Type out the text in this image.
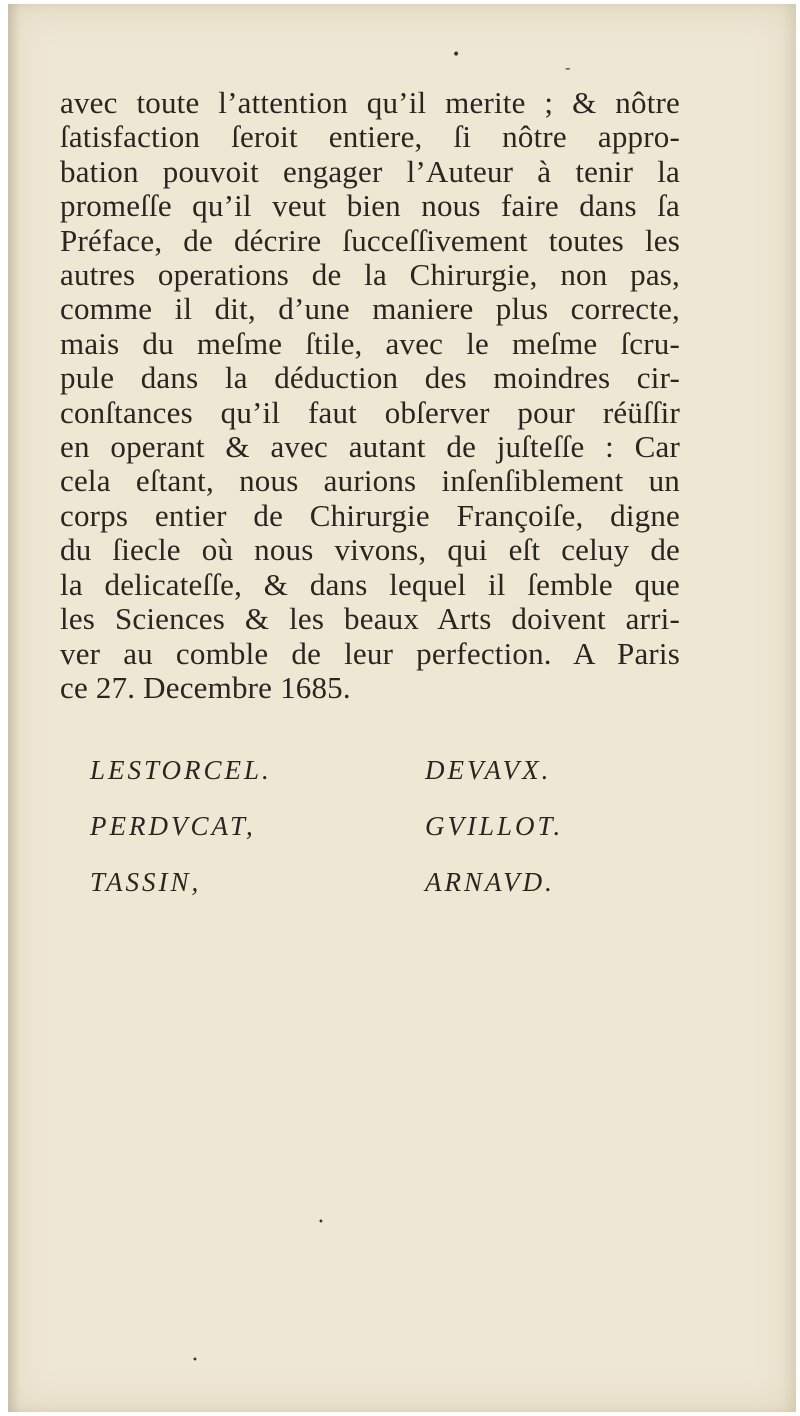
•
-
•
•
avec toute l’attention qu’il merite ; & nôtre
ſatisfaction ſeroit entiere, ſi nôtre appro-
bation pouvoit engager l’Auteur à tenir la
promeſſe qu’il veut bien nous faire dans ſa
Préface, de décrire ſucceſſivement toutes les
autres operations de la Chirurgie, non pas,
comme il dit, d’une maniere plus correcte,
mais du meſme ſtile, avec le meſme ſcru-
pule dans la déduction des moindres cir-
conſtances qu’il faut obſerver pour réüſſir
en operant & avec autant de juſteſſe : Car
cela eſtant, nous aurions inſenſiblement un
corps entier de Chirurgie Françoiſe, digne
du ſiecle où nous vivons, qui eſt celuy de
la delicateſſe, & dans lequel il ſemble que
les Sciences & les beaux Arts doivent arri-
ver au comble de leur perfection. A Paris
ce 27. Decembre 1685.
LESTORCEL.	DEVAVX.
PERDVCAT,	GVILLOT.
TASSIN,	ARNAVD.
